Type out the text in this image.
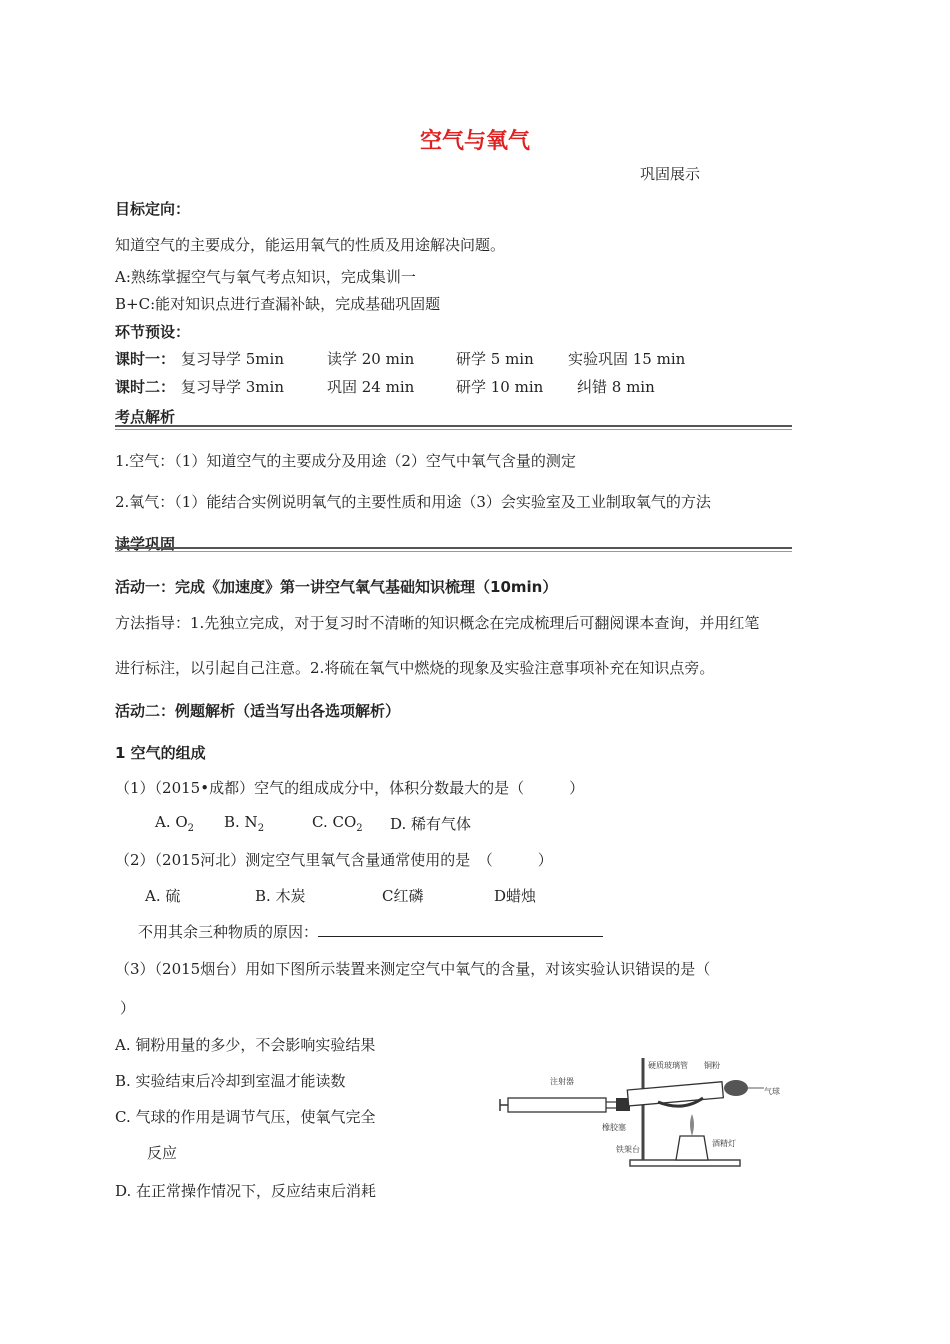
空气与氧气
巩固展示
目标定向：
知道空气的主要成分，能运用氧气的性质及用途解决问题。
A:熟练掌握空气与氧气考点知识，完成集训一
B+C:能对知识点进行查漏补缺，完成基础巩固题
环节预设：
课时一： 复习导学 5min	读学 20 min	研学 5 min 实验巩固 15 min
课时二： 复习导学 3min	巩固 24 min	研学 10 min 纠错 8 min
考点解析
1.空气：（1）知道空气的主要成分及用途（2）空气中氧气含量的测定
2.氧气：（1）能结合实例说明氧气的主要性质和用途（3）会实验室及工业制取氧气的方法
读学巩固
活动一：完成《加速度》第一讲空气氧气基础知识梳理（10min）
方法指导：1.先独立完成，对于复习时不清晰的知识概念在完成梳理后可翻阅课本查询，并用红笔
进行标注，以引起自己注意。2.将硫在氧气中燃烧的现象及实验注意事项补充在知识点旁。
活动二：例题解析（适当写出各选项解析）
1 空气的组成
（1）（2015•成都）空气的组成成分中，体积分数最大的是（　　　）
A. $O_2$ B. $N_2$	C. $CO_2$ D. 稀有气体
（2）（2015河北）测定空气里氧气含量通常使用的是　（　　　）
A. 硫	B. 木炭	C红磷	D蜡烛
不用其余三种物质的原因：
（3）（2015烟台）用如下图所示装置来测定空气中氧气的含量，对该实验认识错误的是（
）
A. 铜粉用量的多少，不会影响实验结果
B. 实验结束后冷却到室温才能读数
C. 气球的作用是调节气压，使氧气完全
反应
D. 在正常操作情况下，反应结束后消耗
注射器
硬质玻璃管 铜粉
气球
橡胶塞
铁架台
酒精灯
